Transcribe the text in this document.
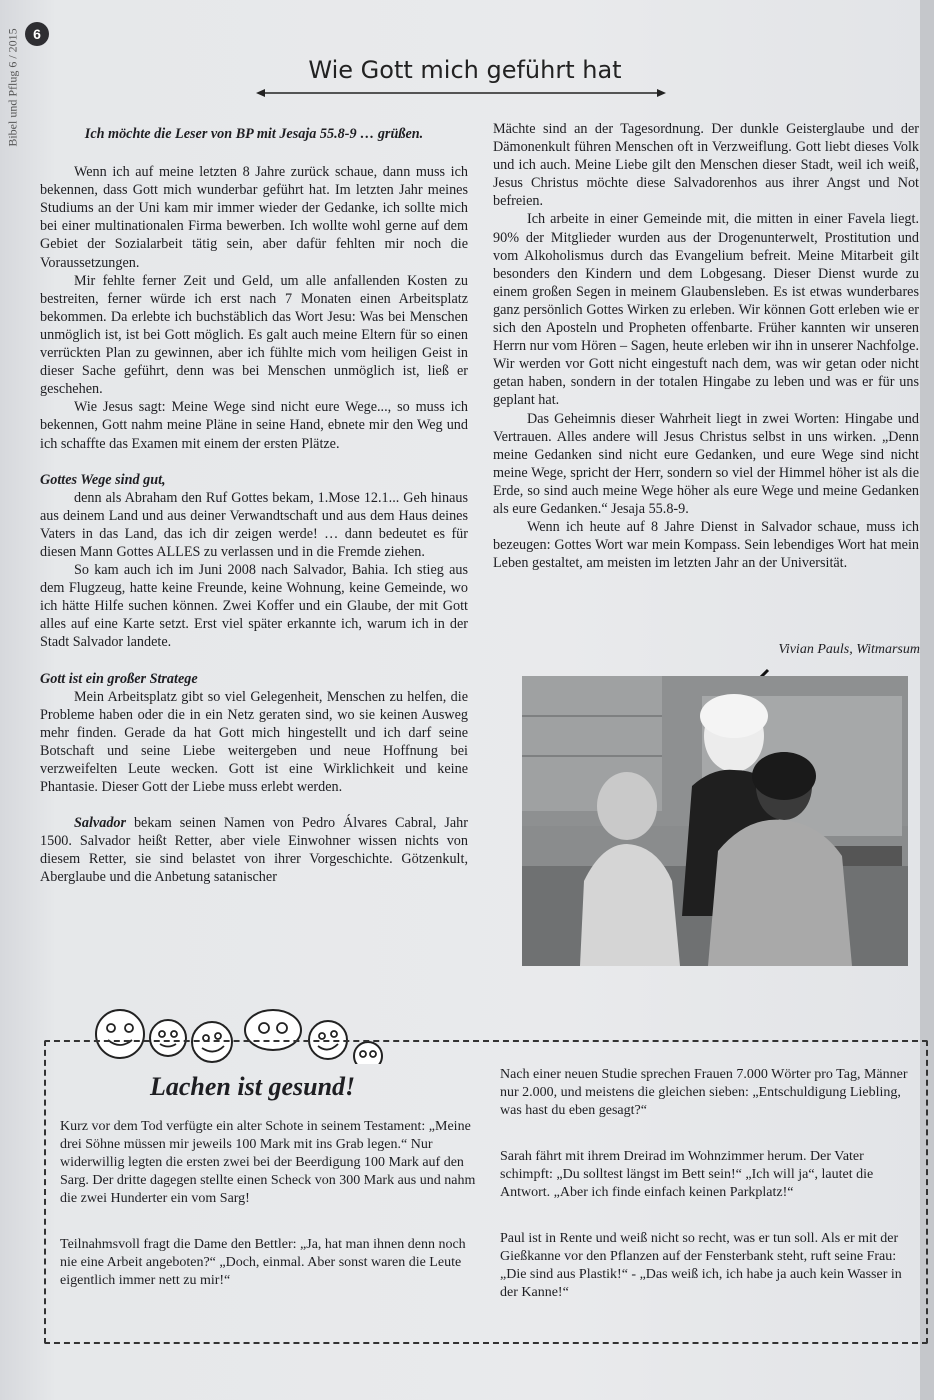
Bibel und Pflug 6 / 2015 6
Wie Gott mich geführt hat

Ich möchte die Leser von BP mit Jesaja 55.8-9 … grüßen.

Wenn ich auf meine letzten 8 Jahre zurück schaue, dann muss ich bekennen, dass Gott mich wunderbar geführt hat. Im letzten Jahr meines Studiums an der Uni kam mir immer wieder der Gedanke, ich sollte mich bei einer multinationalen Firma bewerben. Ich wollte wohl gerne auf dem Gebiet der Sozialarbeit tätig sein, aber dafür fehlten mir noch die Voraussetzungen.

Mir fehlte ferner Zeit und Geld, um alle anfallenden Kosten zu bestreiten, ferner würde ich erst nach 7 Monaten einen Arbeitsplatz bekommen. Da erlebte ich buchstäblich das Wort Jesu: Was bei Menschen unmöglich ist, ist bei Gott möglich. Es galt auch meine Eltern für so einen verrückten Plan zu gewinnen, aber ich fühlte mich vom heiligen Geist in dieser Sache geführt, denn was bei Menschen unmöglich ist, ließ er geschehen.

Wie Jesus sagt: Meine Wege sind nicht eure Wege..., so muss ich bekennen, Gott nahm meine Pläne in seine Hand, ebnete mir den Weg und ich schaffte das Examen mit einem der ersten Plätze.

Gottes Wege sind gut,

denn als Abraham den Ruf Gottes bekam, 1.Mose 12.1... Geh hinaus aus deinem Land und aus deiner Verwandtschaft und aus dem Haus deines Vaters in das Land, das ich dir zeigen werde! … dann bedeutet es für diesen Mann Gottes ALLES zu verlassen und in die Fremde ziehen.

So kam auch ich im Juni 2008 nach Salvador, Bahia. Ich stieg aus dem Flugzeug, hatte keine Freunde, keine Wohnung, keine Gemeinde, wo ich hätte Hilfe suchen können. Zwei Koffer und ein Glaube, der mit Gott alles auf eine Karte setzt. Erst viel später erkannte ich, warum ich in der Stadt Salvador landete.

Gott ist ein großer Stratege

Mein Arbeitsplatz gibt so viel Gelegenheit, Menschen zu helfen, die Probleme haben oder die in ein Netz geraten sind, wo sie keinen Ausweg mehr finden. Gerade da hat Gott mich hingestellt und ich darf seine Botschaft und seine Liebe weitergeben und neue Hoffnung bei verzweifelten Leute wecken. Gott ist eine Wirklichkeit und keine Phantasie. Dieser Gott der Liebe muss erlebt werden.

Salvador bekam seinen Namen von Pedro Álvares Cabral, Jahr 1500. Salvador heißt Retter, aber viele Einwohner wissen nichts von diesem Retter, sie sind belastet von ihrer Vorgeschichte. Götzenkult, Aberglaube und die Anbetung satanischer

Mächte sind an der Tagesordnung. Der dunkle Geisterglaube und der Dämonenkult führen Menschen oft in Verzweiflung. Gott liebt dieses Volk und ich auch. Meine Liebe gilt den Menschen dieser Stadt, weil ich weiß, Jesus Christus möchte diese Salvadorenhos aus ihrer Angst und Not befreien.

Ich arbeite in einer Gemeinde mit, die mitten in einer Favela liegt. 90% der Mitglieder wurden aus der Drogenunterwelt, Prostitution und vom Alkoholismus durch das Evangelium befreit. Meine Mitarbeit gilt besonders den Kindern und dem Lobgesang. Dieser Dienst wurde zu einem großen Segen in meinem Glaubensleben. Es ist etwas wunderbares ganz persönlich Gottes Wirken zu erleben. Wir können Gott erleben wie er sich den Aposteln und Propheten offenbarte. Früher kannten wir unseren Herrn nur vom Hören – Sagen, heute erleben wir ihn in unserer Nachfolge. Wir werden vor Gott nicht eingestuft nach dem, was wir getan oder nicht getan haben, sondern in der totalen Hingabe zu leben und was er für uns geplant hat.

Das Geheimnis dieser Wahrheit liegt in zwei Worten: Hingabe und Vertrauen. Alles andere will Jesus Christus selbst in uns wirken. „Denn meine Gedanken sind nicht eure Gedanken, und eure Wege sind nicht meine Wege, spricht der Herr, sondern so viel der Himmel höher ist als die Erde, so sind auch meine Wege höher als eure Wege und meine Gedanken als eure Gedanken.“ Jesaja 55.8-9.

Wenn ich heute auf 8 Jahre Dienst in Salvador schaue, muss ich bezeugen: Gottes Wort war mein Kompass. Sein lebendiges Wort hat mein Leben gestaltet, am meisten im letzten Jahr an der Universität.

Vivian Pauls, Witmarsum
Lachen ist gesund!

Kurz vor dem Tod verfügte ein alter Schote in seinem Testament: „Meine drei Söhne müssen mir jeweils 100 Mark mit ins Grab legen.“ Nur widerwillig legten die ersten zwei bei der Beerdigung 100 Mark auf den Sarg. Der dritte dagegen stellte einen Scheck von 300 Mark aus und nahm die zwei Hunderter ein vom Sarg!

Teilnahmsvoll fragt die Dame den Bettler: „Ja, hat man ihnen denn noch nie eine Arbeit angeboten?“ „Doch, einmal. Aber sonst waren die Leute eigentlich immer nett zu mir!“

Nach einer neuen Studie sprechen Frauen 7.000 Wörter pro Tag, Männer nur 2.000, und meistens die gleichen sieben: „Entschuldigung Liebling, was hast du eben gesagt?“

Sarah fährt mit ihrem Dreirad im Wohnzimmer herum. Der Vater schimpft: „Du solltest längst im Bett sein!“ „Ich will ja“, lautet die Antwort. „Aber ich finde einfach keinen Parkplatz!“

Paul ist in Rente und weiß nicht so recht, was er tun soll. Als er mit der Gießkanne vor den Pflanzen auf der Fensterbank steht, ruft seine Frau: „Die sind aus Plastik!“ - „Das weiß ich, ich habe ja auch kein Wasser in der Kanne!“
